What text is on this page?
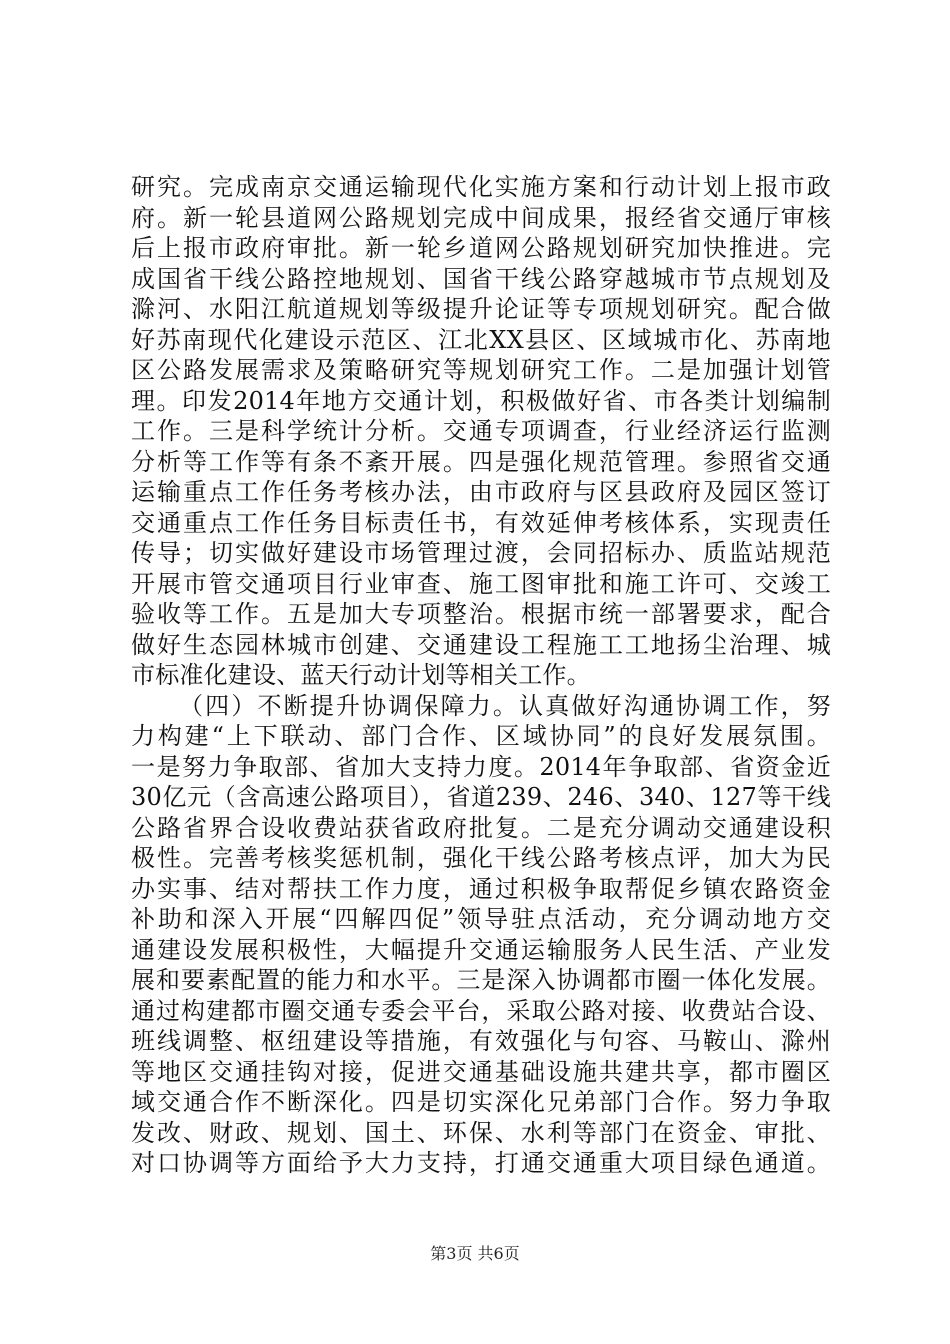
研究。完成南京交通运输现代化实施方案和行动计划上报市政
府。新一轮县道网公路规划完成中间成果，报经省交通厅审核
后上报市政府审批。新一轮乡道网公路规划研究加快推进。完
成国省干线公路控地规划、国省干线公路穿越城市节点规划及
滁河、水阳江航道规划等级提升论证等专项规划研究。配合做
好苏南现代化建设示范区、江北XX县区、区域城市化、苏南地
区公路发展需求及策略研究等规划研究工作。二是加强计划管
理。印发2014年地方交通计划，积极做好省、市各类计划编制
工作。三是科学统计分析。交通专项调查，行业经济运行监测
分析等工作等有条不紊开展。四是强化规范管理。参照省交通
运输重点工作任务考核办法，由市政府与区县政府及园区签订
交通重点工作任务目标责任书，有效延伸考核体系，实现责任
传导；切实做好建设市场管理过渡，会同招标办、质监站规范
开展市管交通项目行业审查、施工图审批和施工许可、交竣工
验收等工作。五是加大专项整治。根据市统一部署要求，配合
做好生态园林城市创建、交通建设工程施工工地扬尘治理、城
市标准化建设、蓝天行动计划等相关工作。
（四）不断提升协调保障力。认真做好沟通协调工作，努
力构建“上下联动、部门合作、区域协同”的良好发展氛围。
一是努力争取部、省加大支持力度。2014年争取部、省资金近
30亿元（含高速公路项目），省道239、246、340、127等干线
公路省界合设收费站获省政府批复。二是充分调动交通建设积
极性。完善考核奖惩机制，强化干线公路考核点评，加大为民
办实事、结对帮扶工作力度，通过积极争取帮促乡镇农路资金
补助和深入开展“四解四促”领导驻点活动，充分调动地方交
通建设发展积极性，大幅提升交通运输服务人民生活、产业发
展和要素配置的能力和水平。三是深入协调都市圈一体化发展。
通过构建都市圈交通专委会平台，采取公路对接、收费站合设、
班线调整、枢纽建设等措施，有效强化与句容、马鞍山、滁州
等地区交通挂钩对接，促进交通基础设施共建共享，都市圈区
域交通合作不断深化。四是切实深化兄弟部门合作。努力争取
发改、财政、规划、国土、环保、水利等部门在资金、审批、
对口协调等方面给予大力支持，打通交通重大项目绿色通道。
第3页 共6页
